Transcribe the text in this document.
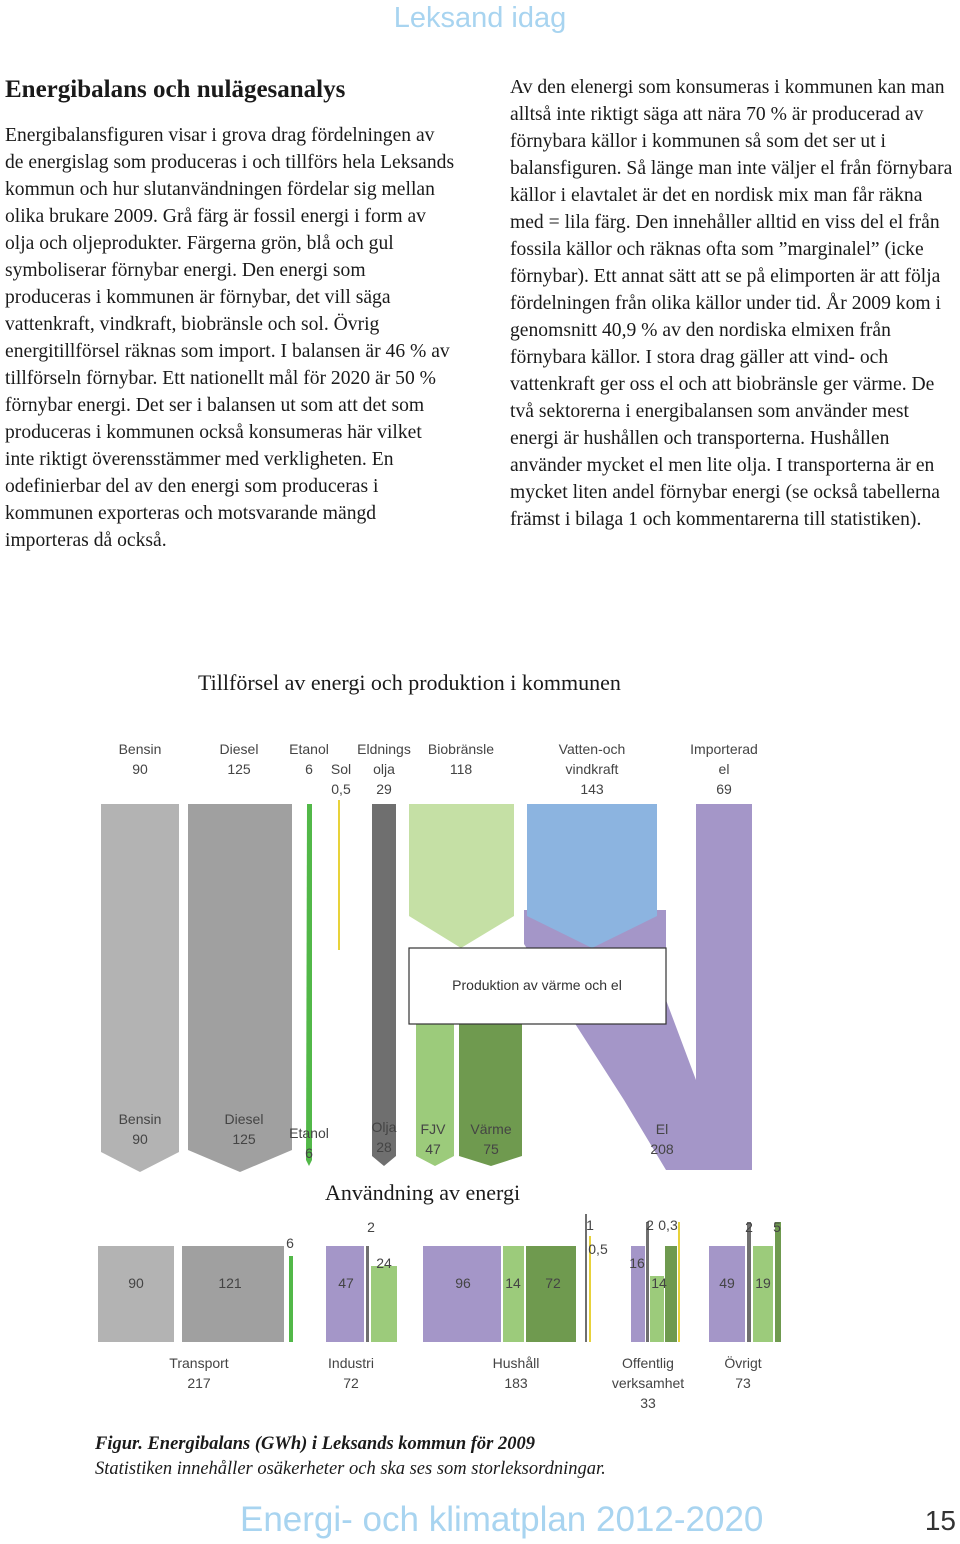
Leksand idag
Energibalans och nulägesanalys

Energibalansfiguren visar i grova drag fördelningen av de energislag som produceras i och tillförs hela Leksands kommun och hur slutanvändningen fördelar sig mellan olika brukare 2009. Grå färg är fossil energi i form av olja och oljeprodukter. Färgerna grön, blå och gul symboliserar förnybar energi. Den energi som produceras i kommunen är förnybar, det vill säga vattenkraft, vindkraft, biobränsle och sol. Övrig energitillförsel räknas som import. I balansen är 46 % av tillförseln förnybar. Ett nationellt mål för 2020 är 50 % förnybar energi. Det ser i balansen ut som att det som produceras i kommunen också konsumeras här vilket inte riktigt överensstämmer med verkligheten. En odefinierbar del av den energi som produceras i kommunen exporteras och motsvarande mängd importeras då också.

Av den elenergi som konsumeras i kommunen kan man alltså inte riktigt säga att nära 70 % är producerad av förnybara källor i kommunen så som det ser ut i balansfiguren. Så länge man inte väljer el från förnybara källor i elavtalet är det en nordisk mix man får räkna med = lila färg. Den innehåller alltid en viss del el från fossila källor och räknas ofta som ”marginalel” (icke förnybar). Ett annat sätt att se på elimporten är att följa fördelningen från olika källor under tid. År 2009 kom i genomsnitt 40,9 % av den nordiska elmixen från förnybara källor. I stora drag gäller att vind- och vattenkraft ger oss el och att biobränsle ger värme. De två sektorerna i energibalansen som använder mest energi är hushållen och transporterna. Hushållen använder mycket el men lite olja. I transporterna är en mycket liten andel förnybar energi (se också tabellerna främst i bilaga 1 och kommentarerna till statistiken).

Tillförsel av energi och produktion i kommunen
Bensin
90
Diesel
125
Etanol
6 Sol
0,5
Eldnings
olja
29
Biobränsle
118
Vatten-och
vindkraft
143
Importerad
el
69
Produktion av värme och el
Bensin
90
Diesel
125 Etanol
6
Olja
28
FJV
47
Värme
75
El
208
90	121
6
47
2
24
96 14 72
1
0,5
2 0,3
16
14	49 19
2 5
Transport
217
Industri
72
Hushåll
183
Offentlig
verksamhet
33
Övrigt
73
Användning av energi
Figur. Energibalans (GWh) i Leksands kommun för 2009
Statistiken innehåller osäkerheter och ska ses som storleksordningar.
Energi- och klimatplan 2012-2020	15
